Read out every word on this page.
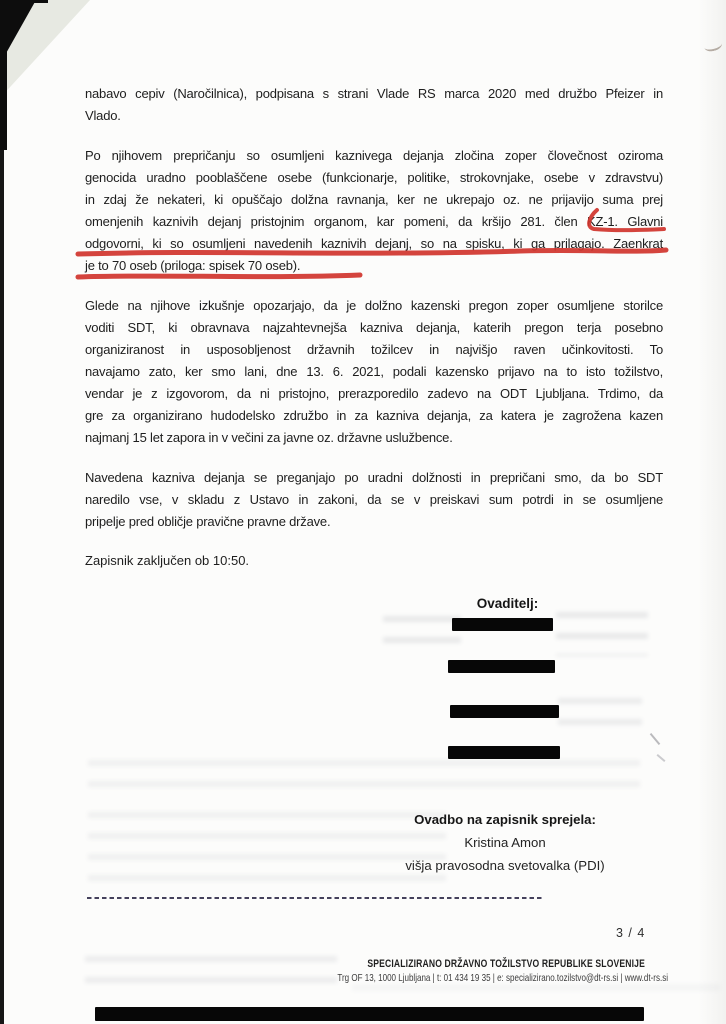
nabavo cepiv (Naročilnica), podpisana s strani Vlade RS marca 2020 med družbo Pfeizer in
Vlado.
Po njihovem prepričanju so osumljeni kaznivega dejanja zločina zoper človečnost oziroma
genocida uradno pooblaščene osebe (funkcionarje, politike, strokovnjake, osebe v zdravstvu)
in zdaj že nekateri, ki opuščajo dolžna ravnanja, ker ne ukrepajo oz. ne prijavijo suma prej
omenjenih kaznivih dejanj pristojnim organom, kar pomeni, da kršijo 281. člen KZ-1. Glavni
odgovorni, ki so osumljeni navedenih kaznivih dejanj, so na spisku, ki ga prilagajo. Zaenkrat
je to 70 oseb (priloga: spisek 70 oseb).
Glede na njihove izkušnje opozarjajo, da je dolžno kazenski pregon zoper osumljene storilce
voditi SDT, ki obravnava najzahtevnejša kazniva dejanja, katerih pregon terja posebno
organiziranost in usposobljenost državnih tožilcev in najvišjo raven učinkovitosti. To
navajamo zato, ker smo lani, dne 13. 6. 2021, podali kazensko prijavo na to isto tožilstvo,
vendar je z izgovorom, da ni pristojno, prerazporedilo zadevo na ODT Ljubljana. Trdimo, da
gre za organizirano hudodelsko združbo in za kazniva dejanja, za katera je zagrožena kazen
najmanj 15 let zapora in v večini za javne oz. državne uslužbence.
Navedena kazniva dejanja se preganjajo po uradni dolžnosti in prepričani smo, da bo SDT
naredilo vse, v skladu z Ustavo in zakoni, da se v preiskavi sum potrdi in se osumljene
pripelje pred obličje pravične pravne države.
Zapisnik zaključen ob 10:50.
Ovaditelj:
Ovadbo na zapisnik sprejela:
Kristina Amon
višja pravosodna svetovalka (PDI)
3 / 4
SPECIALIZIRANO DRŽAVNO TOŽILSTVO REPUBLIKE SLOVENIJE
Trg OF 13, 1000 Ljubljana | t: 01 434 19 35 | e: specializirano.tozilstvo@dt-rs.si | www.dt-rs.si
